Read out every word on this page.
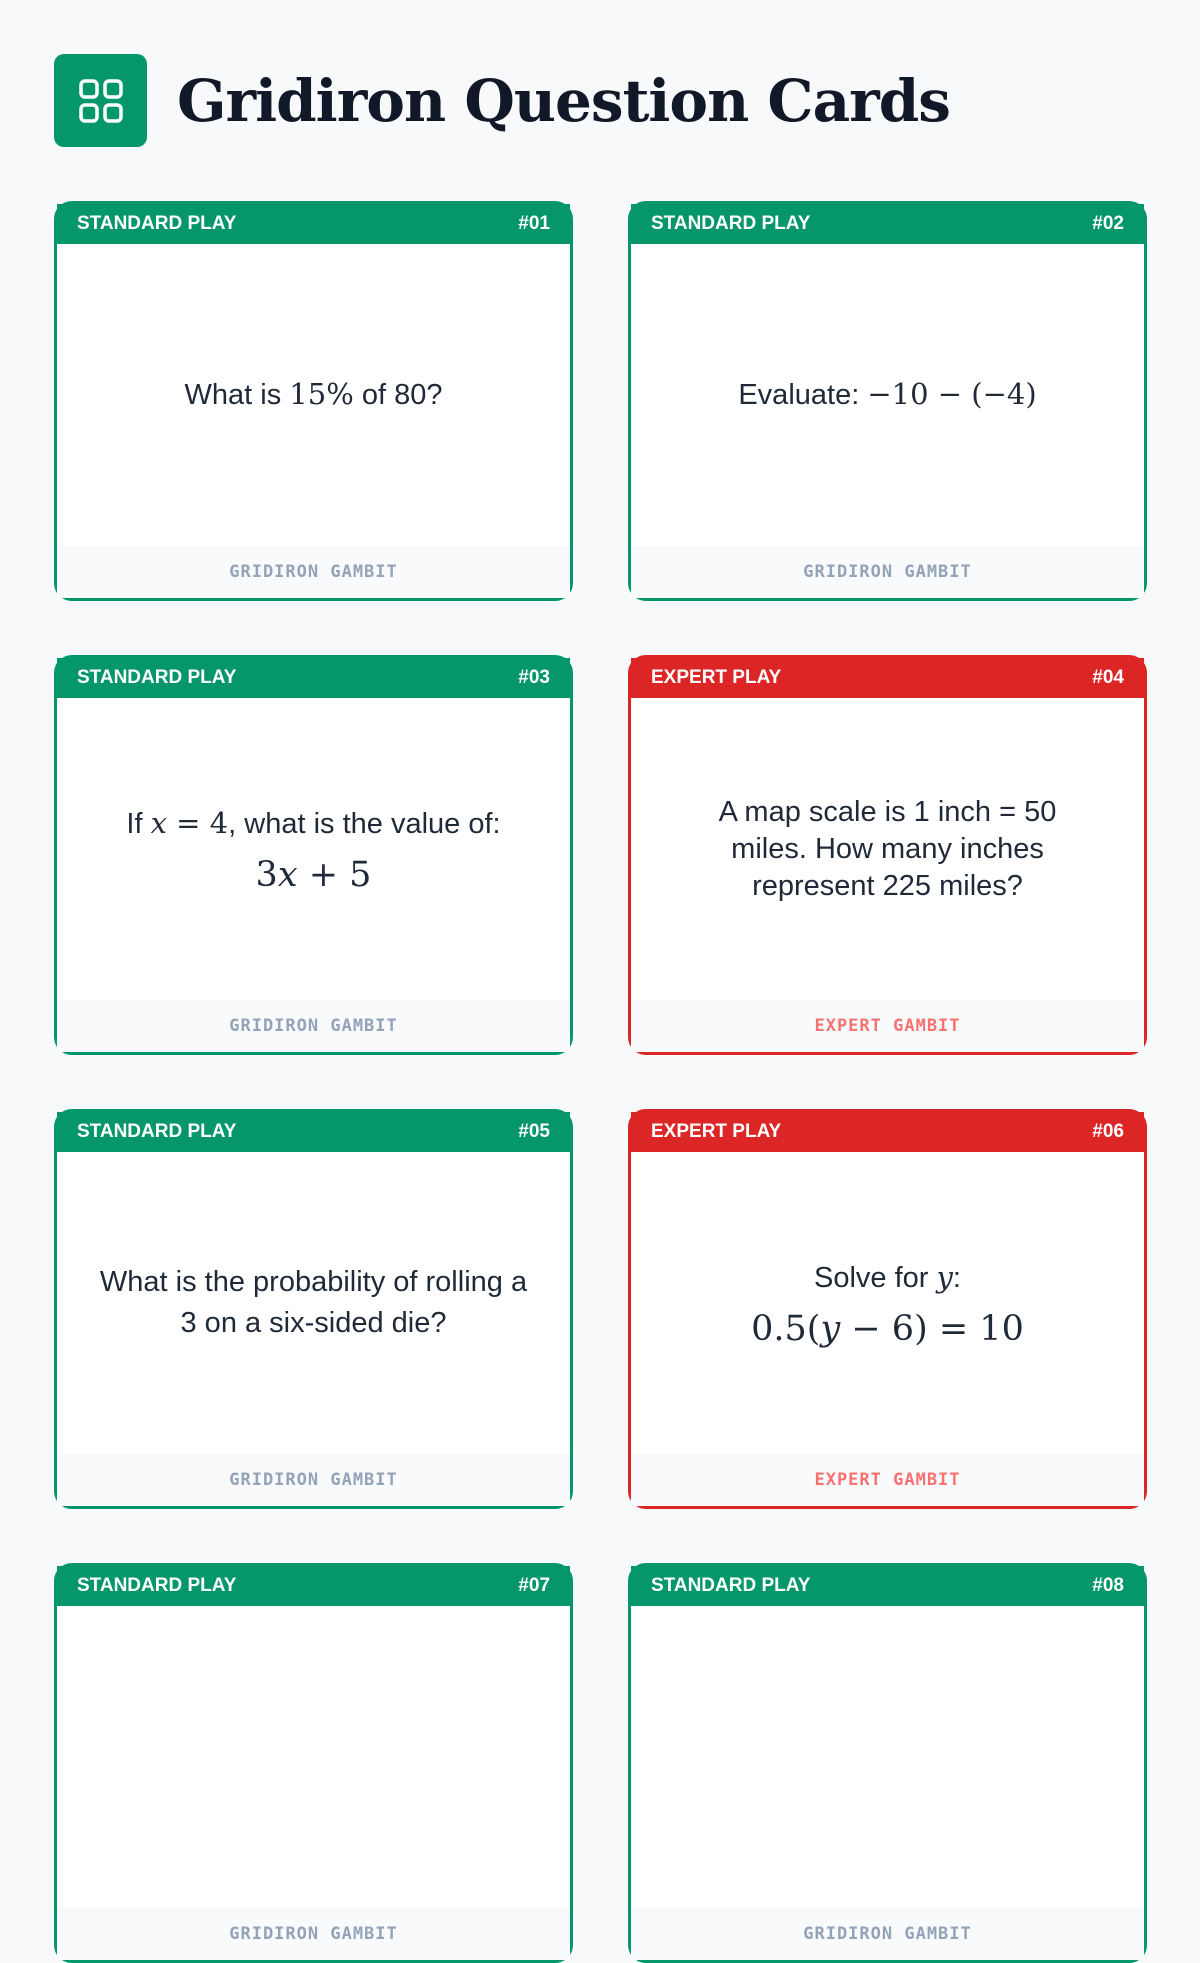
Gridiron Question Cards
STANDARD PLAY	#01
What is 15% of 80?
GRIDIRON GAMBIT
STANDARD PLAY	#02
Evaluate: −10 − (−4)
GRIDIRON GAMBIT
STANDARD PLAY	#03
If x = 4, what is the value of:
3x + 5
GRIDIRON GAMBIT
EXPERT PLAY	#04
A map scale is 1 inch = 50 miles. How many inches represent 225 miles?
EXPERT GAMBIT
STANDARD PLAY	#05
What is the probability of rolling a 3 on a six-sided die?
GRIDIRON GAMBIT
EXPERT PLAY	#06
Solve for y:
0.5(y − 6) = 10
EXPERT GAMBIT
STANDARD PLAY	#07
GRIDIRON GAMBIT
STANDARD PLAY	#08
GRIDIRON GAMBIT
